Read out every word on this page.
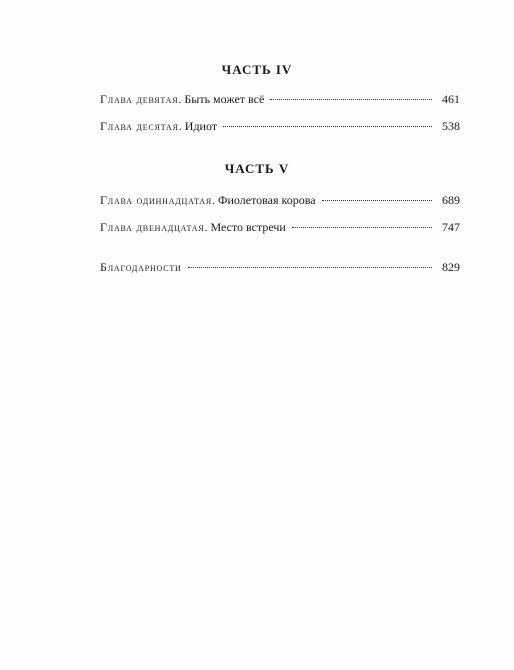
ЧАСТЬ IV
Глава девятая. Быть может всё	461
Глава десятая. Идиот	538
ЧАСТЬ V
Глава одиннадцатая. Фиолетовая корова	689
Глава двенадцатая. Место встречи	747
Благодарности	829
